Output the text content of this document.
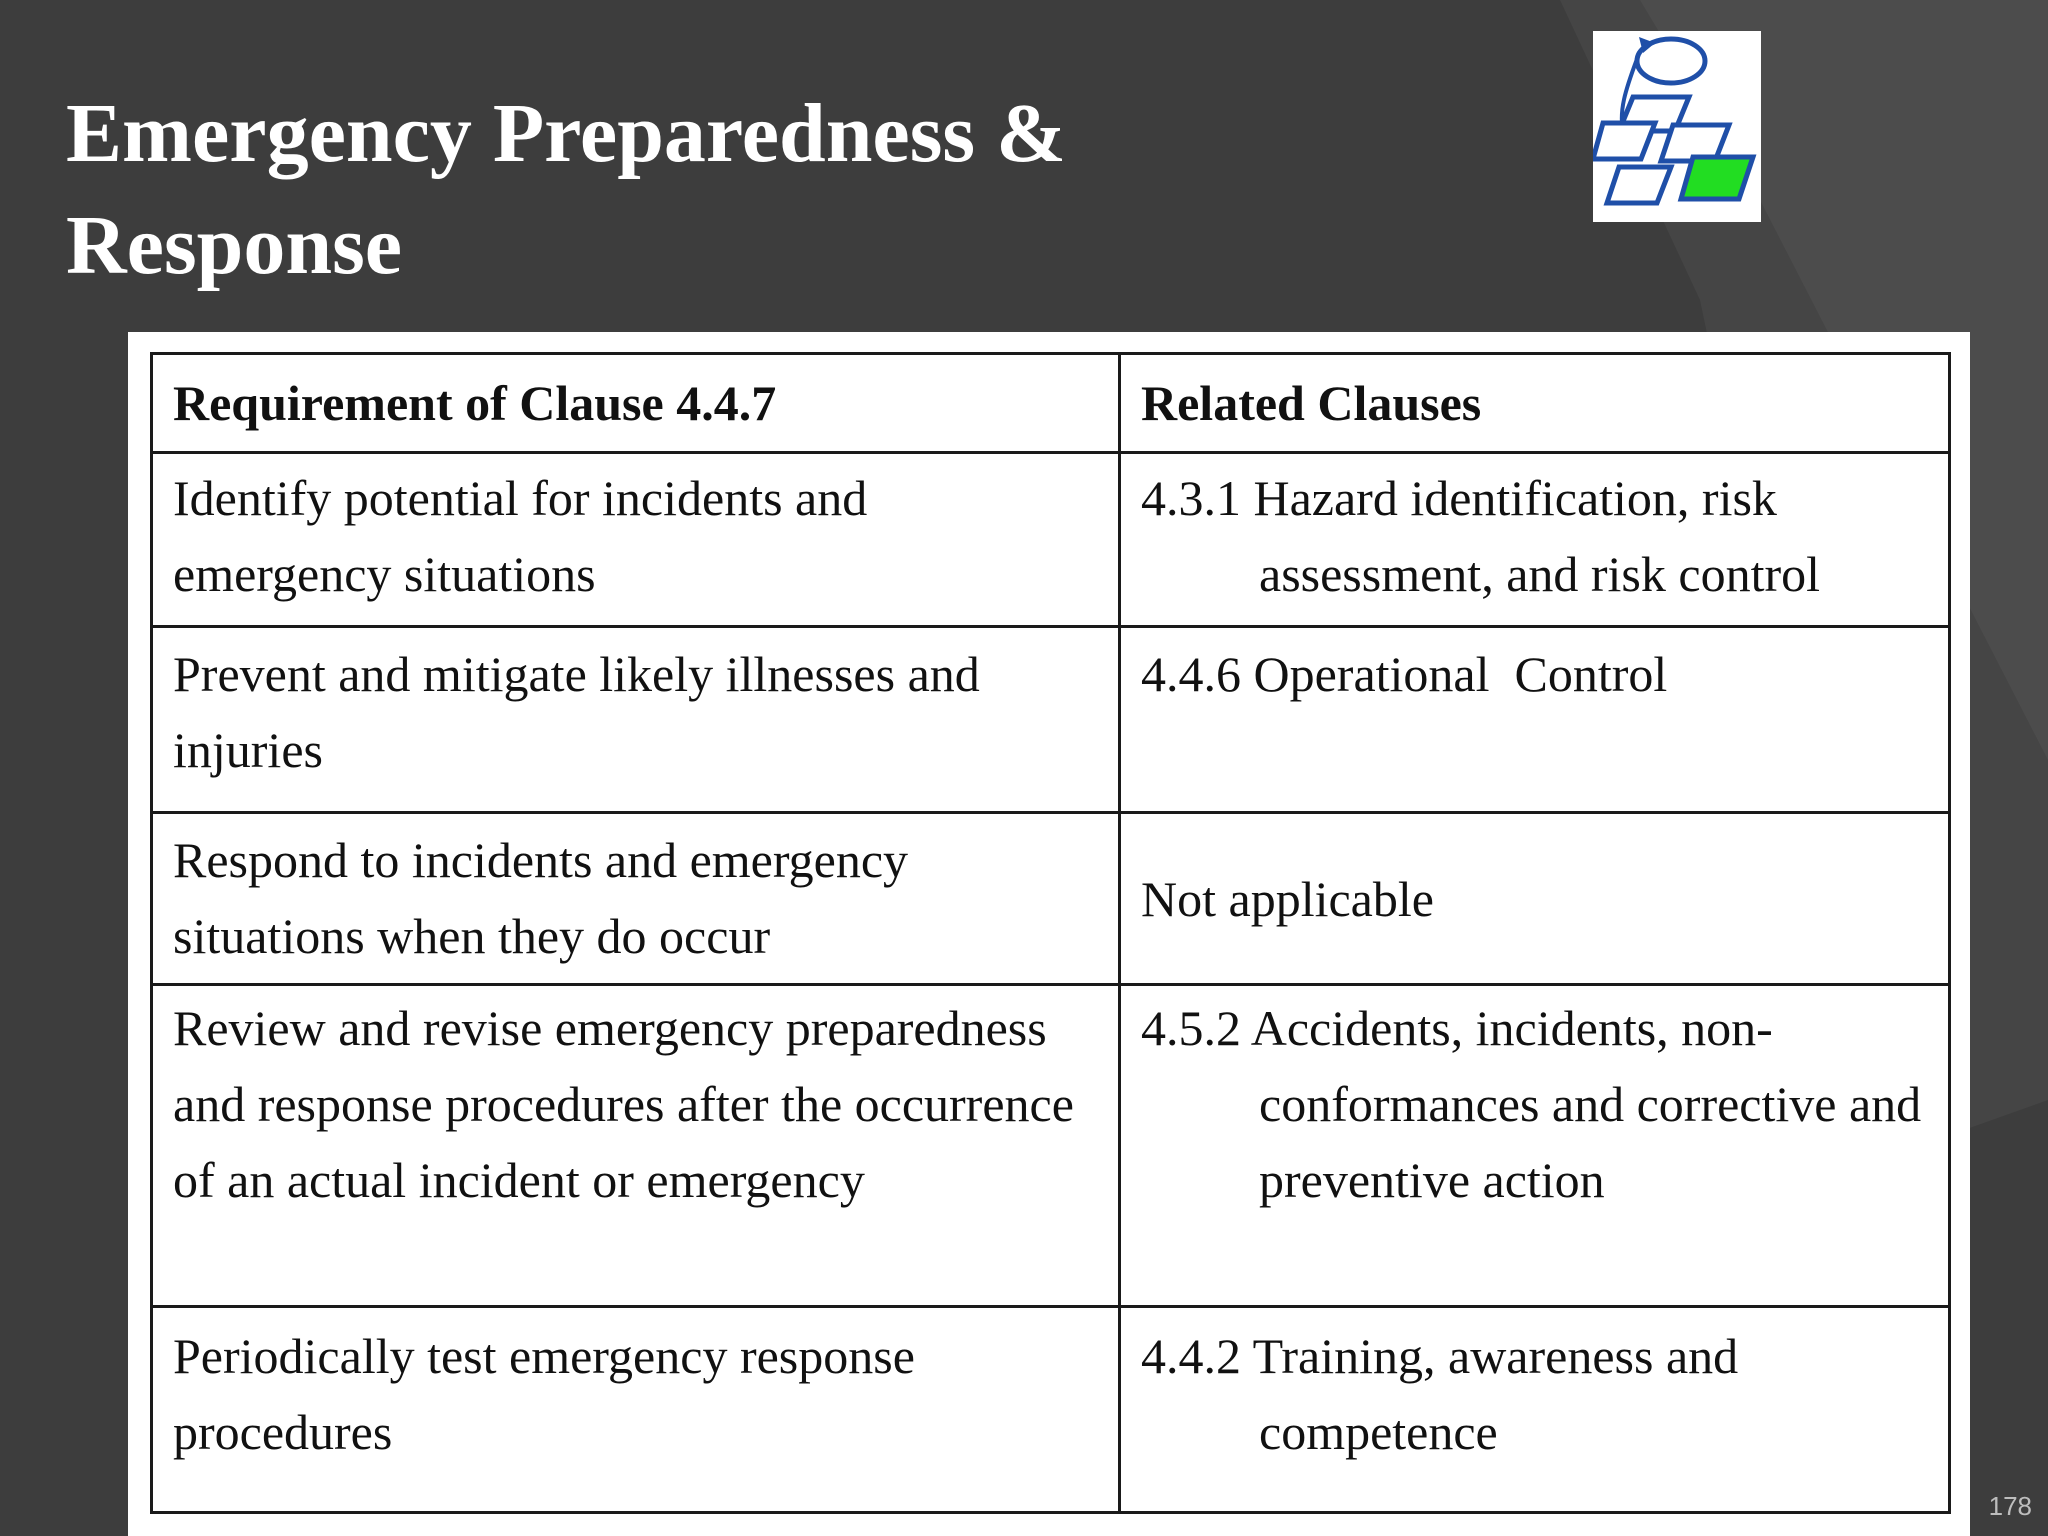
Emergency Preparedness &
Response
Requirement of Clause 4.4.7	Related Clauses
Identify potential for incidents and emergency situations	4.3.1 Hazard identification, risk assessment, and risk control
Prevent and mitigate likely illnesses and injuries	4.4.6 Operational  Control
Respond to incidents and emergency situations when they do occur	Not applicable
Review and revise emergency preparedness and response procedures after the occurrence of an actual incident or emergency	4.5.2 Accidents, incidents, non-conformances and corrective and preventive action
Periodically test emergency response procedures	4.4.2 Training, awareness and competence
178
